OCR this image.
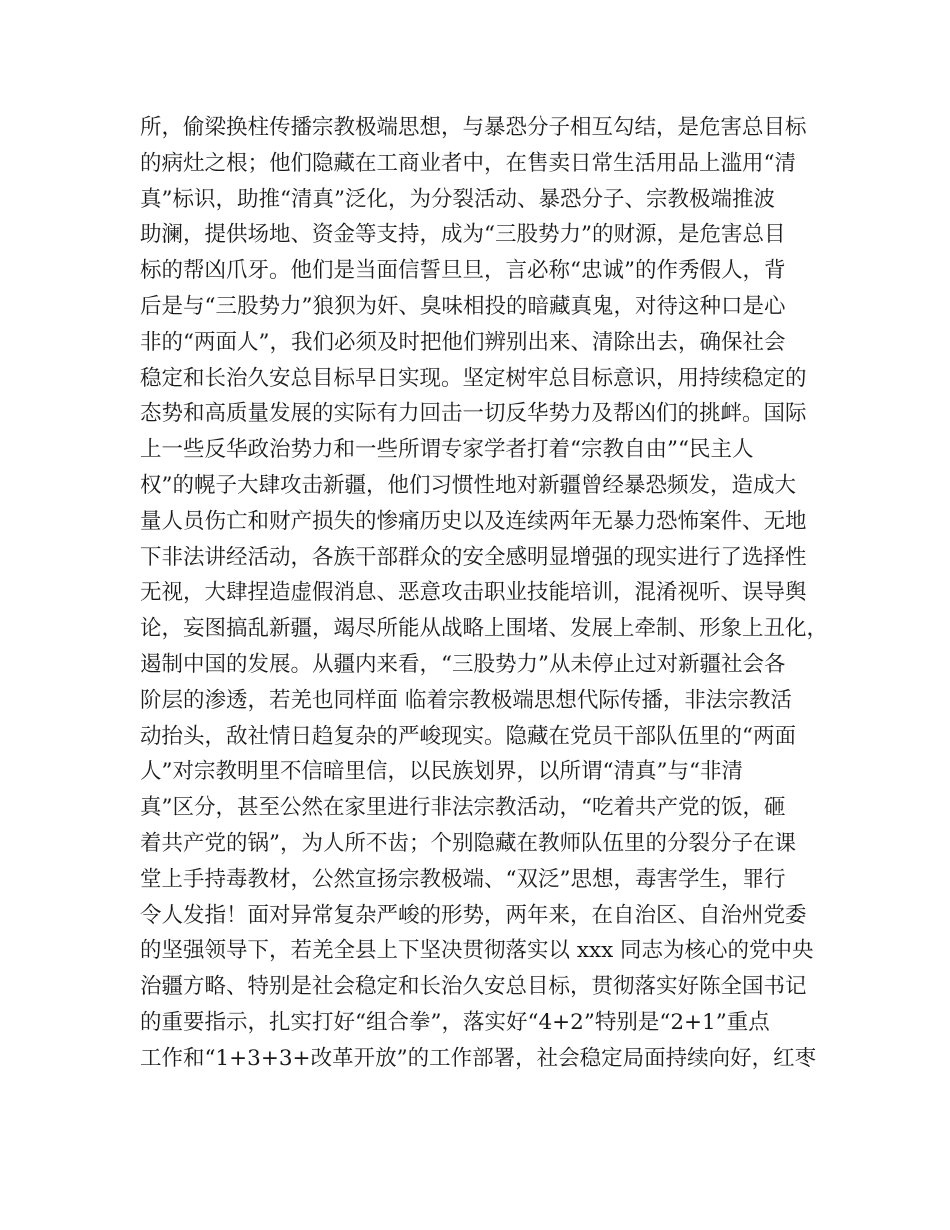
所，偷梁换柱传播宗教极端思想，与暴恐分子相互勾结，是危害总目标
的病灶之根；他们隐藏在工商业者中，在售卖日常生活用品上滥用“清
真”标识，助推“清真”泛化，为分裂活动、暴恐分子、宗教极端推波
助澜，提供场地、资金等支持，成为“三股势力”的财源，是危害总目
标的帮凶爪牙。他们是当面信誓旦旦，言必称“忠诚”的作秀假人，背
后是与“三股势力”狼狈为奸、臭味相投的暗藏真鬼，对待这种口是心
非的“两面人”，我们必须及时把他们辨别出来、清除出去，确保社会
稳定和长治久安总目标早日实现。坚定树牢总目标意识，用持续稳定的
态势和高质量发展的实际有力回击一切反华势力及帮凶们的挑衅。国际
上一些反华政治势力和一些所谓专家学者打着“宗教自由”“民主人
权”的幌子大肆攻击新疆，他们习惯性地对新疆曾经暴恐频发，造成大
量人员伤亡和财产损失的惨痛历史以及连续两年无暴力恐怖案件、无地
下非法讲经活动，各族干部群众的安全感明显增强的现实进行了选择性
无视，大肆捏造虚假消息、恶意攻击职业技能培训，混淆视听、误导舆
论，妄图搞乱新疆，竭尽所能从战略上围堵、发展上牵制、形象上丑化，
遏制中国的发展。从疆内来看，“三股势力”从未停止过对新疆社会各
阶层的渗透，若羌也同样面 临着宗教极端思想代际传播，非法宗教活
动抬头，敌社情日趋复杂的严峻现实。隐藏在党员干部队伍里的“两面
人”对宗教明里不信暗里信，以民族划界，以所谓“清真”与“非清
真”区分，甚至公然在家里进行非法宗教活动，“吃着共产党的饭，砸
着共产党的锅”，为人所不齿；个别隐藏在教师队伍里的分裂分子在课
堂上手持毒教材，公然宣扬宗教极端、“双泛”思想，毒害学生，罪行
令人发指！面对异常复杂严峻的形势，两年来，在自治区、自治州党委
的坚强领导下，若羌全县上下坚决贯彻落实以 xxx 同志为核心的党中央
治疆方略、特别是社会稳定和长治久安总目标，贯彻落实好陈全国书记
的重要指示，扎实打好“组合拳”，落实好“4+2”特别是“2+1”重点
工作和“1+3+3+改革开放”的工作部署，社会稳定局面持续向好，红枣
